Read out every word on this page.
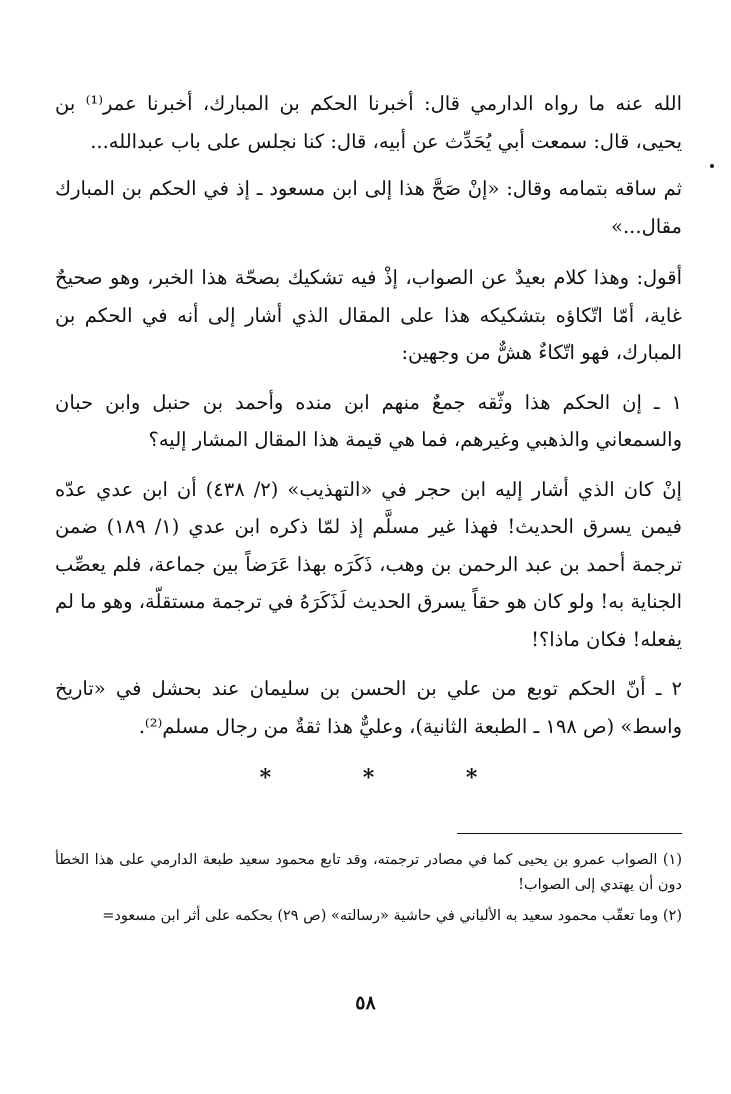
الله عنه ما رواه الدارمي قال: أخبرنا الحكم بن المبارك، أخبرنا عمر⁽¹⁾ بن يحيى، قال: سمعت أبي يُحَدِّث عن أبيه، قال: كنا نجلس على باب عبدالله...

ثم ساقه بتمامه وقال: «إنْ صَحَّ هذا إلى ابن مسعود ـ إذ في الحكم بن المبارك مقال...»

أقول: وهذا كلام بعيدٌ عن الصواب، إذْ فيه تشكيك بصحّة هذا الخبر، وهو صحيحٌ غاية، أمّا اتّكاؤه بتشكيكه هذا على المقال الذي أشار إلى أنه في الحكم بن المبارك، فهو اتّكاءٌ هشٌّ من وجهين:

١ ـ إن الحكم هذا وثّقه جمعٌ منهم ابن منده وأحمد بن حنبل وابن حبان والسمعاني والذهبي وغيرهم، فما هي قيمة هذا المقال المشار إليه؟

إنْ كان الذي أشار إليه ابن حجر في «التهذيب» (٢/ ٤٣٨) أن ابن عدي عدّه فيمن يسرق الحديث! فهذا غير مسلَّم إذ لمّا ذكره ابن عدي (١/ ١٨٩) ضمن ترجمة أحمد بن عبد الرحمن بن وهب، ذَكَرَه بهذا عَرَضاً بين جماعة، فلم يعصِّب الجناية به! ولو كان هو حقاً يسرق الحديث لَذَكَرَهُ في ترجمة مستقلّة، وهو ما لم يفعله! فكان ماذا؟!

٢ ـ أنّ الحكم توبع من علي بن الحسن بن سليمان عند بحشل في «تاريخ واسط» (ص ١٩٨ ـ الطبعة الثانية)، وعليٌّ هذا ثقةٌ من رجال مسلم⁽²⁾.

* * *

(١) الصواب عمرو بن يحيى كما في مصادر ترجمته، وقد تابع محمود سعيد طبعة الدارمي على هذا الخطأ دون أن يهتدي إلى الصواب!

(٢) وما تعقّب محمود سعيد به الألباني في حاشية «رسالته» (ص ٢٩) بحكمه على أثر ابن مسعود=

٥٨
